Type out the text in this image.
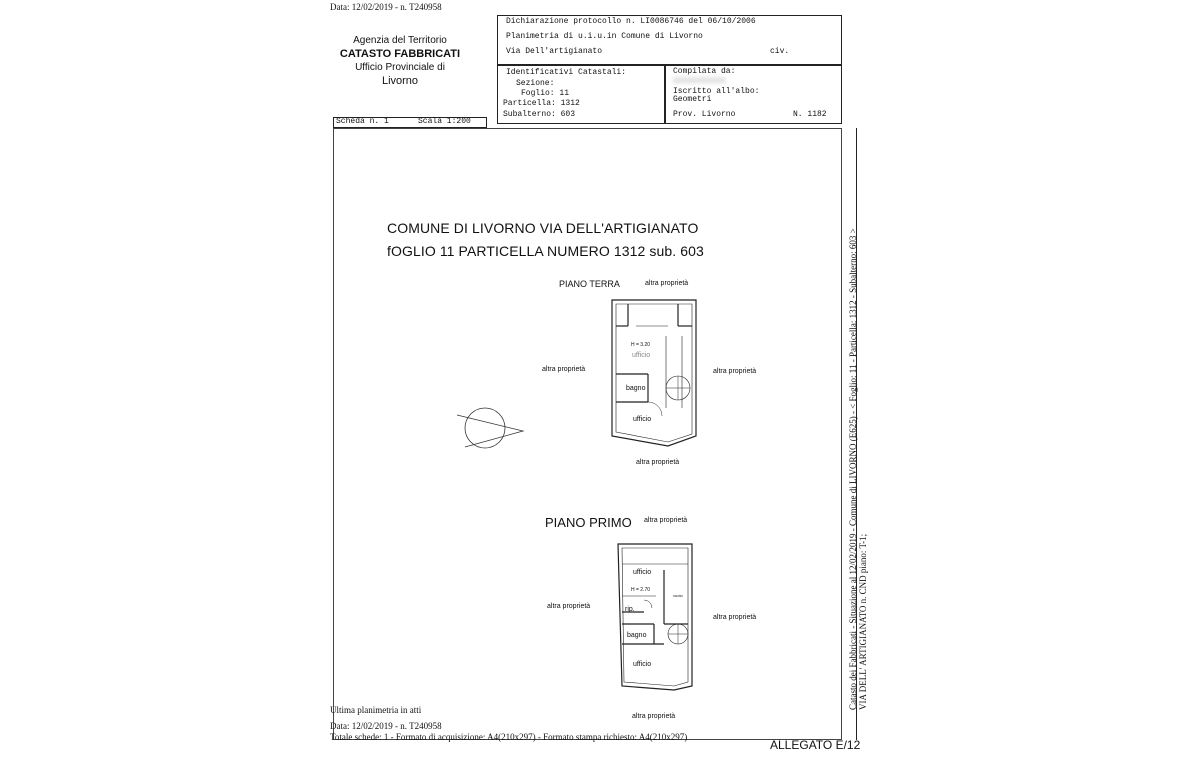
Data: 12/02/2019 - n. T240958
Agenzia del Territorio
CATASTO FABBRICATI
Ufficio Provinciale di
Livorno
Dichiarazione protocollo n. LI0086746 del 06/10/2006
Planimetria di u.i.u.in Comune di Livorno
Via Dell'artigianato	civ.
Identificativi Catastali:
Sezione:
Foglio: 11
Particella: 1312
Subalterno: 603
Compilata da:
XXXXXXXXXXX
Iscritto all'albo:
Geometri
Prov. Livorno	N. 1182
Scheda n. 1	Scala 1:200
COMUNE DI LIVORNO VIA DELL'ARTIGIANATO
fOGLIO 11 PARTICELLA NUMERO 1312 sub. 603
PIANO TERRA	altra proprietà
altra proprietà	altra proprietà
altra proprietà
H = 3.20
ufficio
bagno
ufficio
PIANO PRIMO altra proprietà
altra proprietà
altra proprietà
altra proprietà
ufficio
H = 2.70
vuoto
rip.
bagno
ufficio	Catasto dei Fabbricati - Situazione al 12/02/2019 - Comune di LIVORNO (E625) - < Foglio: 11 - Particella: 1312 - Subalterno: 603 > VIA DELL' ARTIGIANATO n. CND piano: T-1;
Ultima planimetria in atti
Data: 12/02/2019 - n. T240958
Totale schede: 1 - Formato di acquisizione: A4(210x297) - Formato stampa richiesto: A4(210x297)
ALLEGATO E/12
